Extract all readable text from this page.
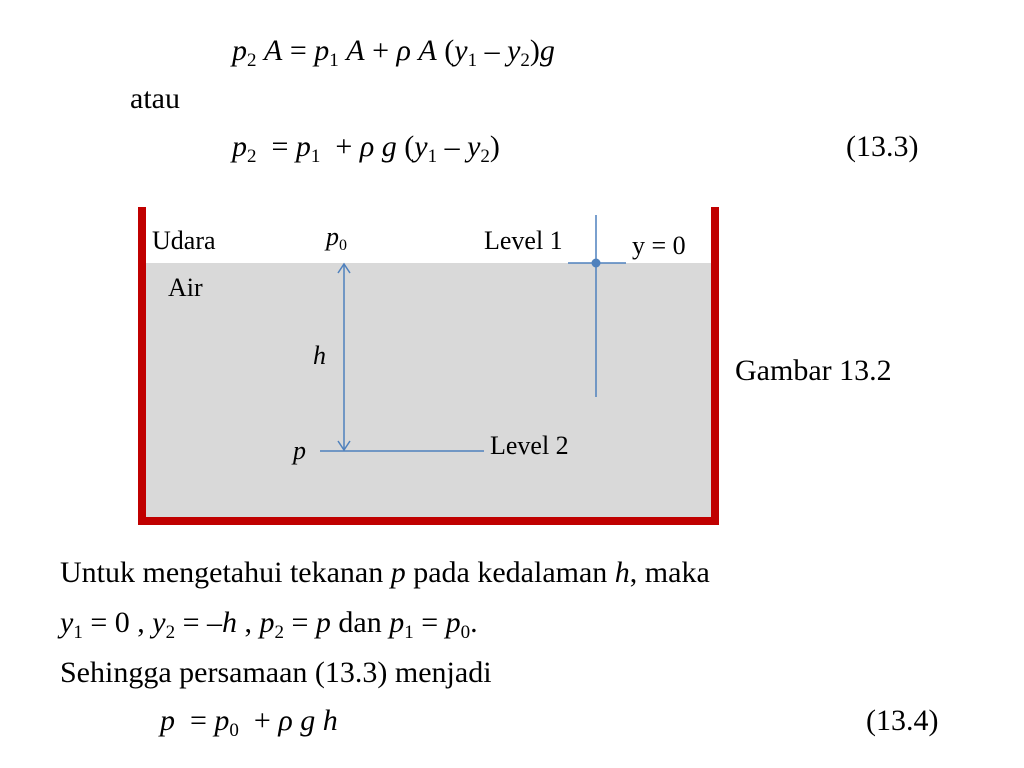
$p_2$ $A = p_1$ A + ρ A $(y_1 - y_2)g$
atau
$p_2 = p_1 + \rho$ g $(y_1 - y_2)$	(13.3)
Udara
Air
$p_0$	Level 1	y = 0
h
p	Level 2
Gambar 13.2
Untuk mengetahui tekanan p pada kedalaman h, maka
$y_1 = 0$ , $y_2 = -h$ , $p_2 = p$ dan $p_1 = p_0$.
Sehingga persamaan (13.3) menjadi
$p = p_0 + \rho$ g h	(13.4)
